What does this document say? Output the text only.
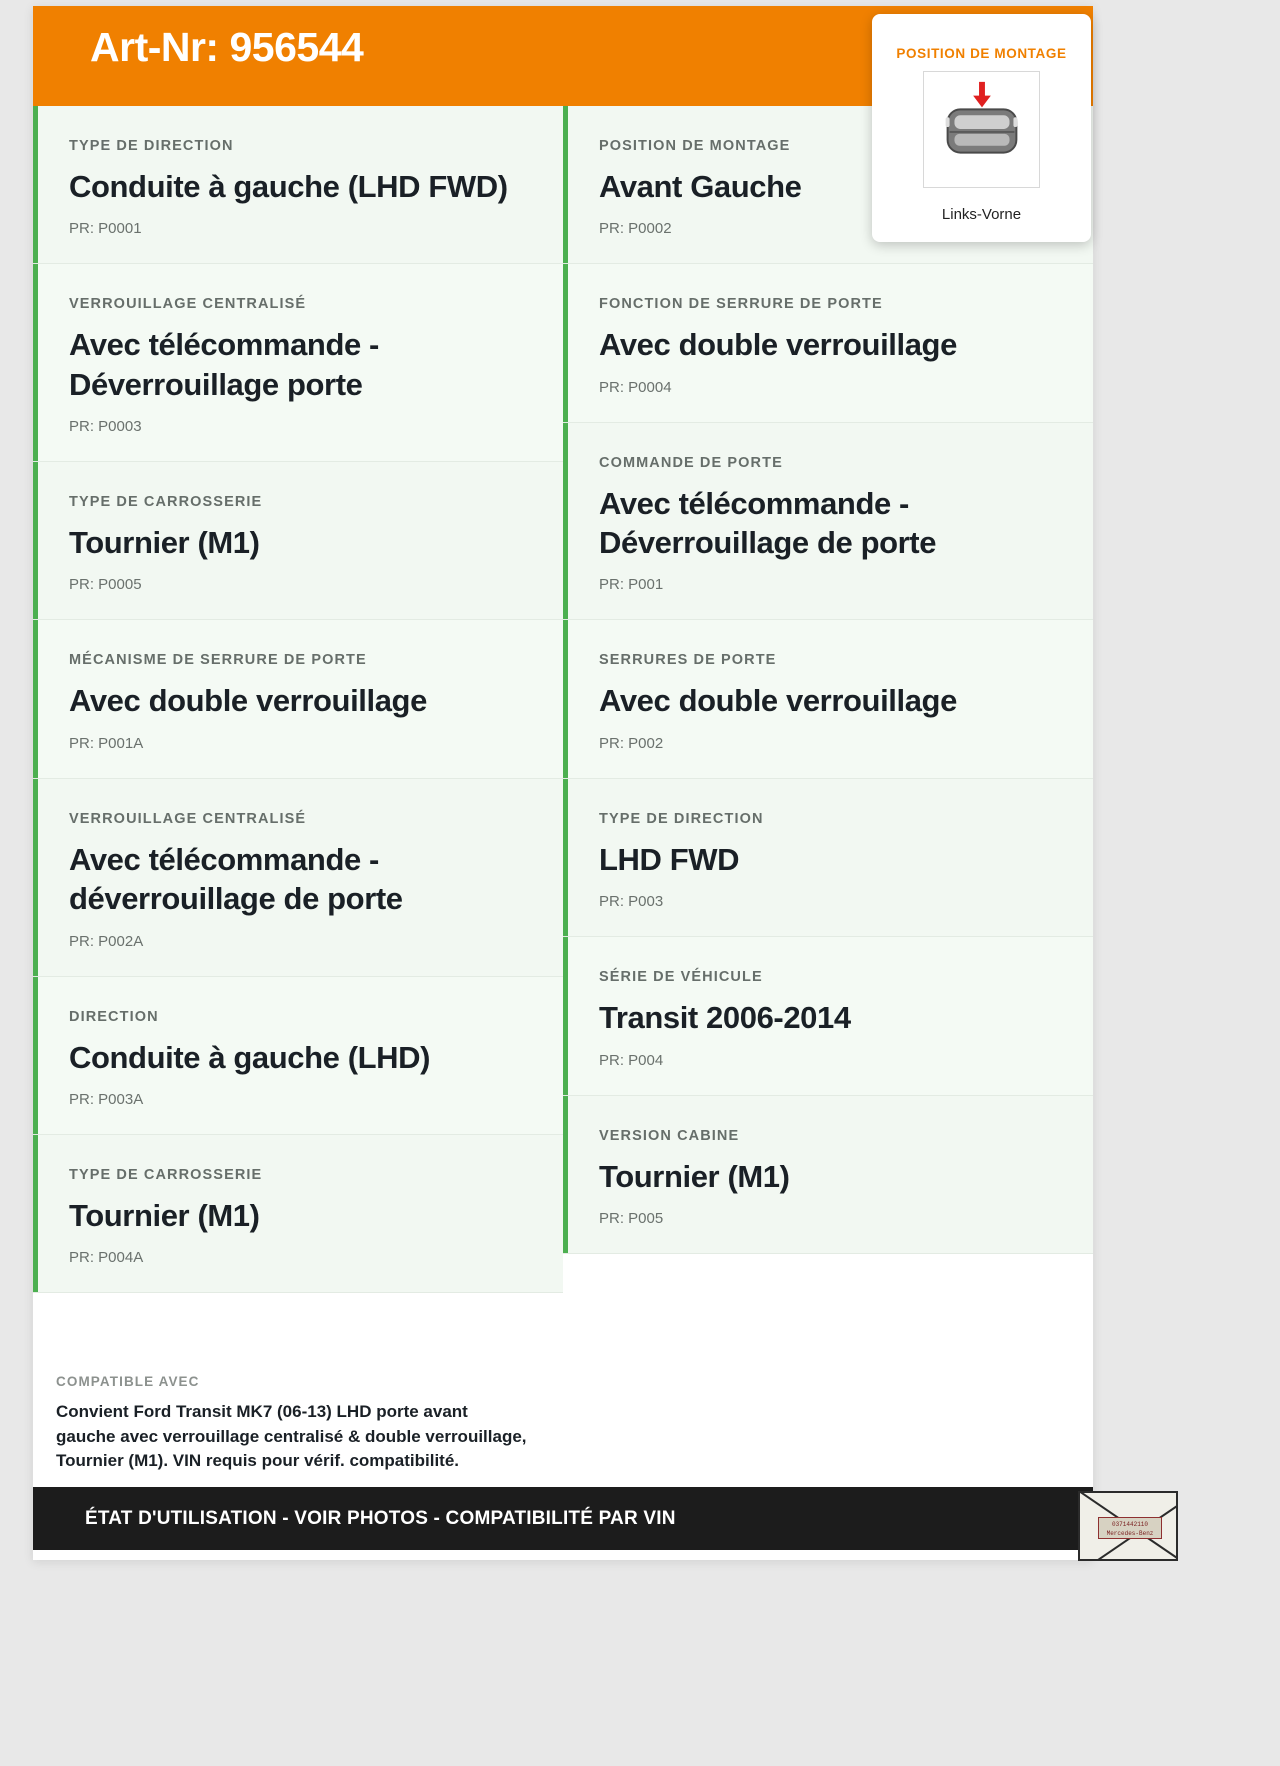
Art-Nr: 956544	POSITION DE MONTAGE
Links-Vorne
TYPE DE DIRECTION
Conduite à gauche (LHD FWD)
PR: P0001
VERROUILLAGE CENTRALISÉ
Avec télécommande - Déverrouillage porte
PR: P0003
TYPE DE CARROSSERIE
Tournier (M1)
PR: P0005
MÉCANISME DE SERRURE DE PORTE
Avec double verrouillage
PR: P001A
VERROUILLAGE CENTRALISÉ
Avec télécommande - déverrouillage de porte
PR: P002A
DIRECTION
Conduite à gauche (LHD)
PR: P003A
TYPE DE CARROSSERIE
Tournier (M1)
PR: P004A
POSITION DE MONTAGE
Avant Gauche
PR: P0002
FONCTION DE SERRURE DE PORTE
Avec double verrouillage
PR: P0004
COMMANDE DE PORTE
Avec télécommande - Déverrouillage de porte
PR: P001
SERRURES DE PORTE
Avec double verrouillage
PR: P002
TYPE DE DIRECTION
LHD FWD
PR: P003
SÉRIE DE VÉHICULE
Transit 2006-2014
PR: P004
VERSION CABINE
Tournier (M1)
PR: P005
COMPATIBLE AVEC
Convient Ford Transit MK7 (06-13) LHD porte avant gauche avec verrouillage centralisé & double verrouillage, Tournier (M1). VIN requis pour vérif. compatibilité.
ÉTAT D'UTILISATION - VOIR PHOTOS - COMPATIBILITÉ PAR VIN	0371442110
Mercedes-Benz
